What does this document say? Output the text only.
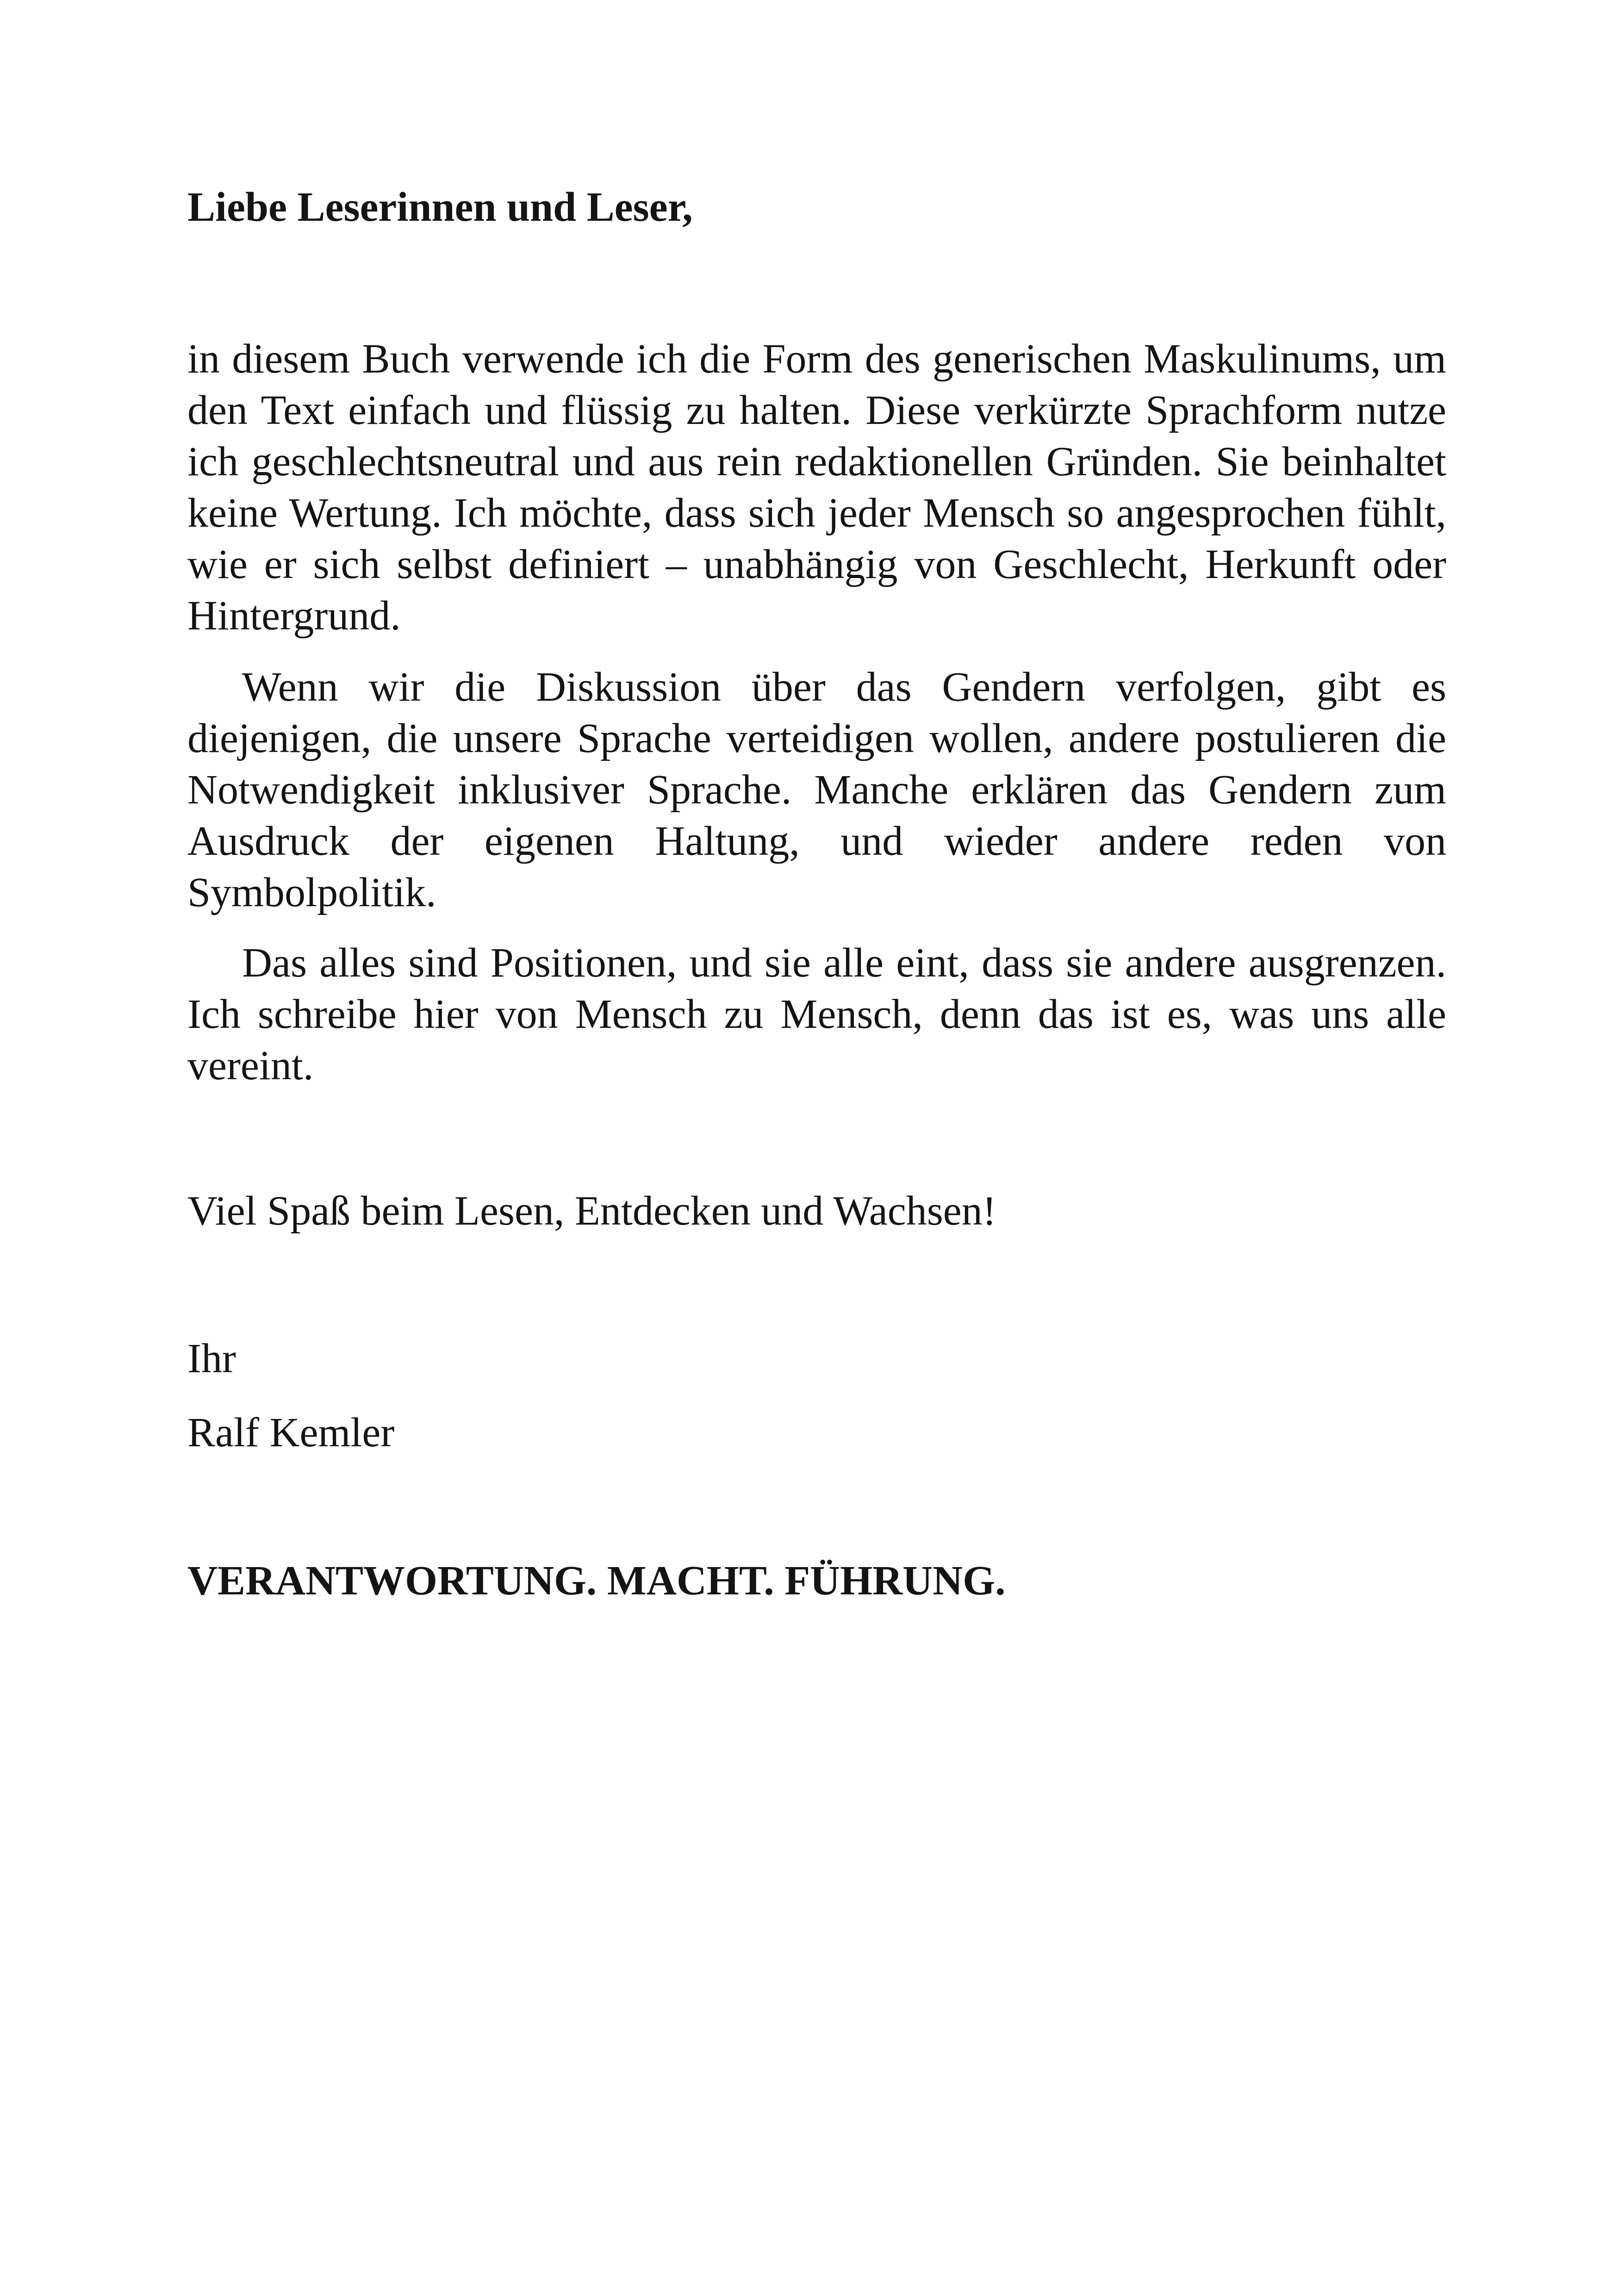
Liebe Leserinnen und Leser,

in diesem Buch verwende ich die Form des generischen Maskulinums, um den Text einfach und flüssig zu halten. Diese verkürzte Sprachform nutze ich geschlechtsneutral und aus rein redaktionellen Gründen. Sie beinhaltet keine Wertung. Ich möchte, dass sich jeder Mensch so angesprochen fühlt, wie er sich selbst definiert – unabhängig von Geschlecht, Herkunft oder Hintergrund.

Wenn wir die Diskussion über das Gendern verfolgen, gibt es diejenigen, die unsere Sprache verteidigen wollen, andere postulieren die Notwendigkeit inklusiver Sprache. Manche erklären das Gendern zum Ausdruck der eigenen Haltung, und wieder andere reden von Symbolpolitik.

Das alles sind Positionen, und sie alle eint, dass sie andere ausgrenzen. Ich schreibe hier von Mensch zu Mensch, denn das ist es, was uns alle vereint.

Viel Spaß beim Lesen, Entdecken und Wachsen!

Ihr

Ralf Kemler

VERANTWORTUNG. MACHT. FÜHRUNG.
